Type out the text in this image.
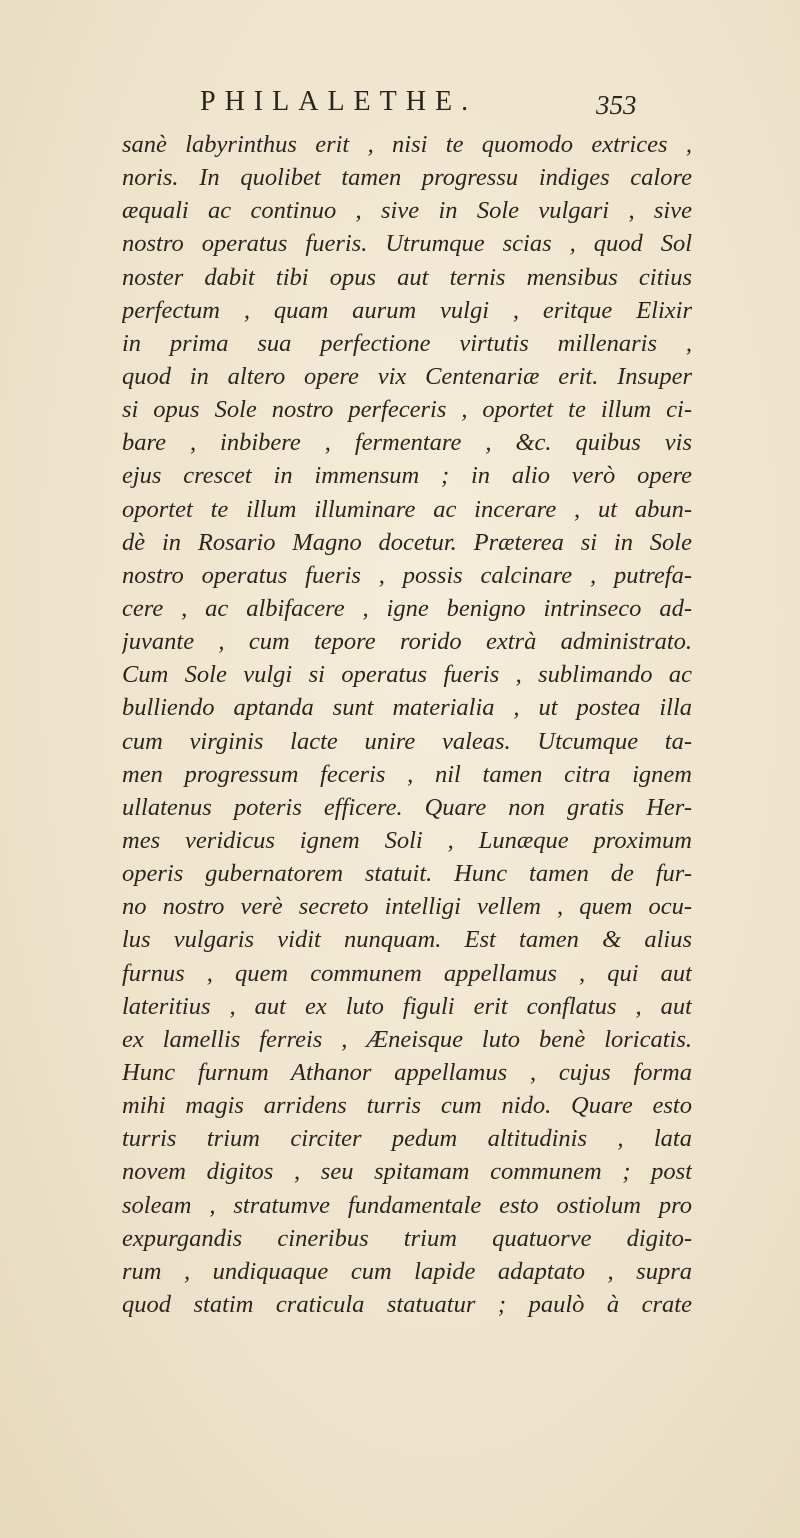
PHILALETHE.	353
sanè labyrinthus erit , nisi te quomodo extrices ,
noris. In quolibet tamen progressu indiges calore
æquali ac continuo , sive in Sole vulgari , sive
nostro operatus fueris. Utrumque scias , quod Sol
noster dabit tibi opus aut ternis mensibus citius
perfectum , quam aurum vulgi , eritque Elixir
in prima sua perfectione virtutis millenaris ,
quod in altero opere vix Centenariæ erit. Insuper
si opus Sole nostro perfeceris , oportet te illum ci-
bare , inbibere , fermentare , &c. quibus vis
ejus crescet in immensum ; in alio verò opere
oportet te illum illuminare ac incerare , ut abun-
dè in Rosario Magno docetur. Præterea si in Sole
nostro operatus fueris , possis calcinare , putrefa-
cere , ac albifacere , igne benigno intrinseco ad-
juvante , cum tepore rorido extrà administrato.
Cum Sole vulgi si operatus fueris , sublimando ac
bulliendo aptanda sunt materialia , ut postea illa
cum virginis lacte unire valeas. Utcumque ta-
men progressum feceris , nil tamen citra ignem
ullatenus poteris efficere. Quare non gratis Her-
mes veridicus ignem Soli , Lunæque proximum
operis gubernatorem statuit. Hunc tamen de fur-
no nostro verè secreto intelligi vellem , quem ocu-
lus vulgaris vidit nunquam. Est tamen & alius
furnus , quem communem appellamus , qui aut
lateritius , aut ex luto figuli erit conflatus , aut
ex lamellis ferreis , Æneisque luto benè loricatis.
Hunc furnum Athanor appellamus , cujus forma
mihi magis arridens turris cum nido. Quare esto
turris trium circiter pedum altitudinis , lata
novem digitos , seu spitamam communem ; post
soleam , stratumve fundamentale esto ostiolum pro
expurgandis cineribus trium quatuorve digito-
rum , undiquaque cum lapide adaptato , supra
quod statim craticula statuatur ; paulò à crate
